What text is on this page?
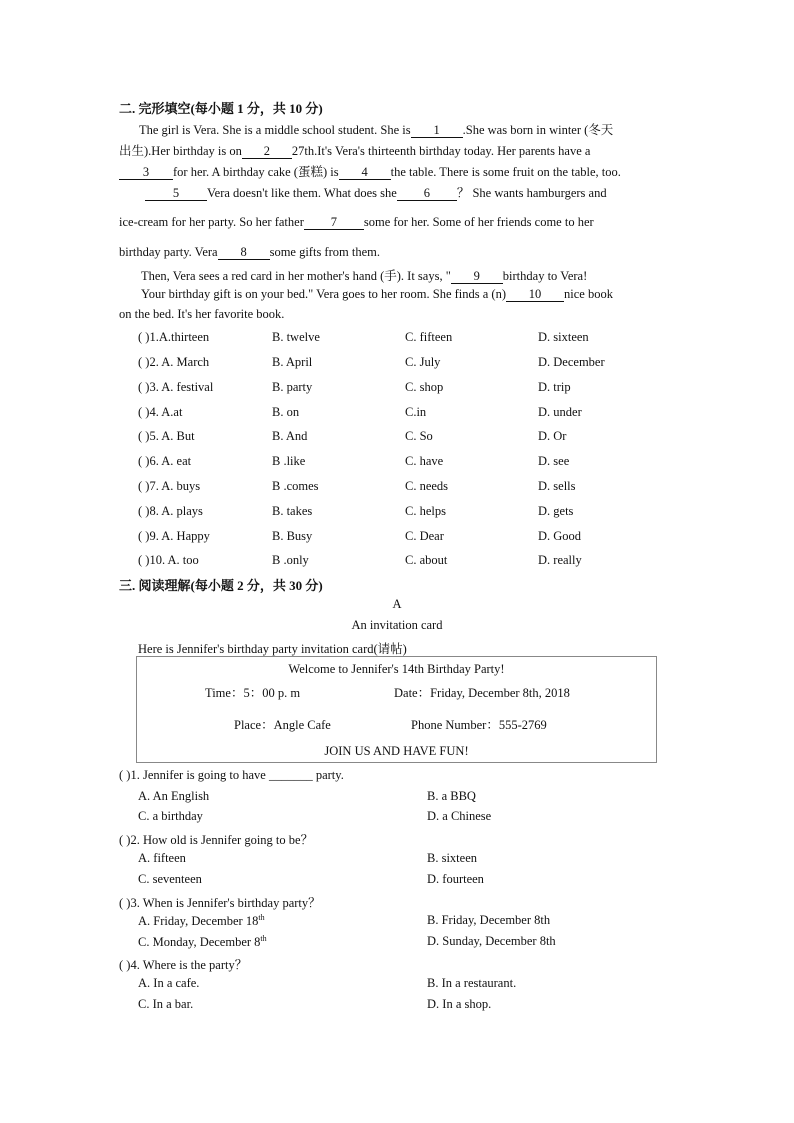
二. 完形填空(每小题 1 分，共 10 分)
The girl is Vera. She is a middle school student. She is 1 .She was born in winter (冬天
出生).Her birthday is on 2 27th.It's Vera's thirteenth birthday today. Her parents have a
3 for her. A birthday cake (蛋糕) is 4 the table. There is some fruit on the table, too.
5 Vera doesn't like them. What does she 6 ？ She wants hamburgers and
ice-cream for her party. So her father 7 some for her. Some of her friends come to her
birthday party. Vera 8 some gifts from them.
Then, Vera sees a red card in her mother's hand (手). It says, " 9 birthday to Vera!
Your birthday gift is on your bed." Vera goes to her room. She finds a (n) 10 nice book
on the bed. It's her favorite book.
( )1.A.thirteen	B. twelve	C. fifteen	D. sixteen
( )2. A. March	B. April	C. July	D. December
( )3. A. festival	B. party	C. shop	D. trip
( )4. A.at	B. on	C.in	D. under
( )5. A. But	B. And	C. So	D. Or
( )6. A. eat	B .like	C. have	D. see
( )7. A. buys	B .comes	C. needs	D. sells
( )8. A. plays	B. takes	C. helps	D. gets
( )9. A. Happy	B. Busy	C. Dear	D. Good
( )10. A. too	B .only	C. about	D. really
三. 阅读理解(每小题 2 分，共 30 分)
A
An invitation card
Here is Jennifer's birthday party invitation card(请帖)
Welcome to Jennifer's 14th Birthday Party!
Time：5：00 p. m	Date：Friday, December 8th, 2018
Place：Angle Cafe	Phone Number：555-2769
JOIN US AND HAVE FUN!
( )1. Jennifer is going to have _______ party.
A. An English	B. a BBQ
C. a birthday	D. a Chinese
( )2. How old is Jennifer going to be？
A. fifteen	B. sixteen
C. seventeen	D. fourteen
( )3. When is Jennifer's birthday party？
A. Friday, December 18th	B. Friday, December 8th
C. Monday, December 8th	D. Sunday, December 8th
( )4. Where is the party？
A. In a cafe.	B. In a restaurant.
C. In a bar.	D. In a shop.
